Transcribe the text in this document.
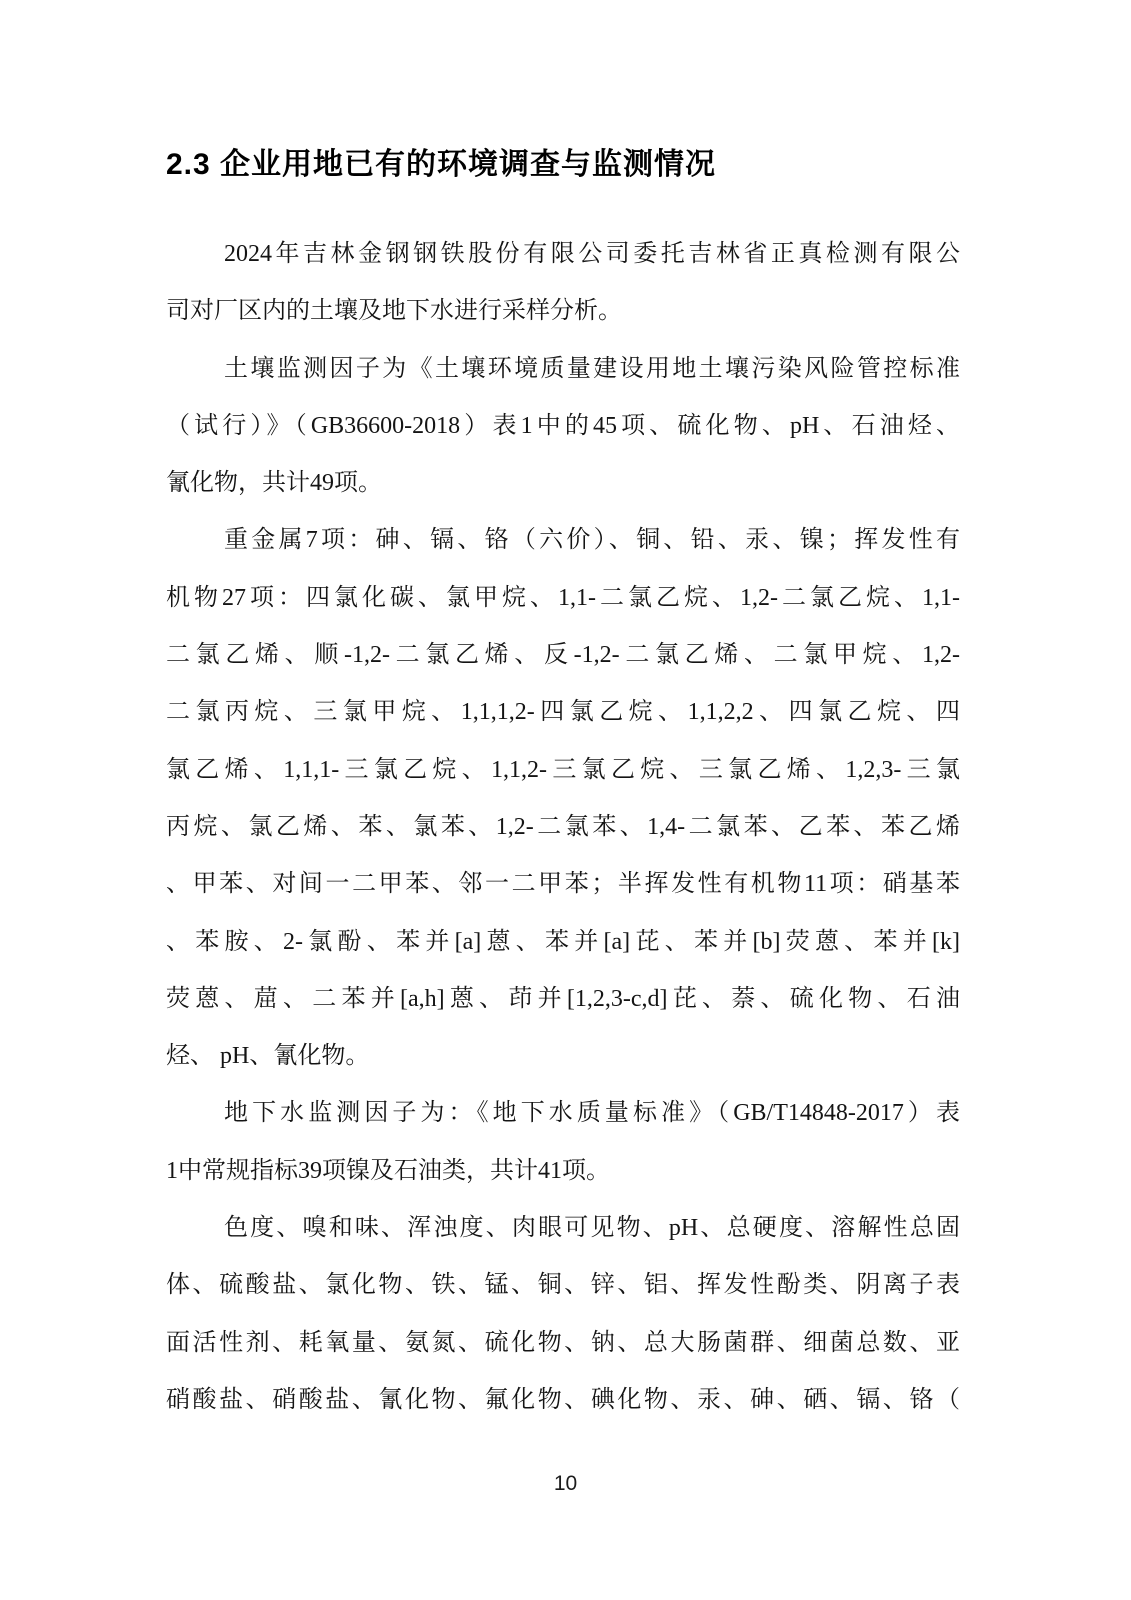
2.3 企业用地已有的环境调查与监测情况
2024年吉林金钢钢铁股份有限公司委托吉林省正真检测有限公
司对厂区内的土壤及地下水进行采样分析。
土壤监测因子为《土壤环境质量建设用地土壤污染风险管控标准
（试行）》（GB36600-2018）表1中的45项、硫化物、pH、石油烃、
氰化物，共计49项。
重金属7项：砷、镉、铬（六价）、铜、铅、汞、镍；挥发性有
机物27项：四氯化碳、氯甲烷、1,1-二氯乙烷、1,2-二氯乙烷、1,1-
二氯乙烯、顺-1,2-二氯乙烯、反-1,2-二氯乙烯、二氯甲烷、1,2-
二氯丙烷、三氯甲烷、1,1,1,2-四氯乙烷、1,1,2,2、四氯乙烷、四
氯乙烯、1,1,1-三氯乙烷、1,1,2-三氯乙烷、三氯乙烯、1,2,3-三氯
丙烷、氯乙烯、苯、氯苯、1,2-二氯苯、1,4-二氯苯、乙苯、苯乙烯
、甲苯、对间一二甲苯、邻一二甲苯；半挥发性有机物11项：硝基苯
、苯胺、2-氯酚、苯并[a]蒽、苯并[a]芘、苯并[b]荧蒽、苯并[k]
荧蒽、䓛、二苯并[a,h]蒽、茚并[1,2,3-c,d]芘、萘、硫化物、石油
烃、 pH、氰化物。
地下水监测因子为：《地下水质量标准》（GB/T14848-2017）表
1中常规指标39项镍及石油类，共计41项。
色度、嗅和味、浑浊度、肉眼可见物、pH、总硬度、溶解性总固
体、硫酸盐、氯化物、铁、锰、铜、锌、铝、挥发性酚类、阴离子表
面活性剂、耗氧量、氨氮、硫化物、钠、总大肠菌群、细菌总数、亚
硝酸盐、硝酸盐、氰化物、氟化物、碘化物、汞、砷、硒、镉、铬（
10
